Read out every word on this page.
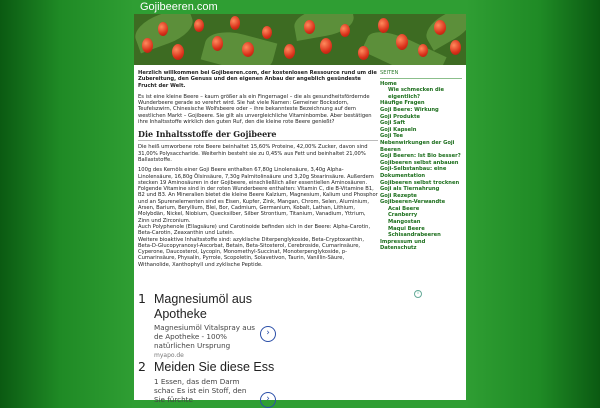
Gojibeeren.com

Herzlich willkommen bei Gojibeeren.com, der kostenlosen Ressource rund um die Zubereitung, den Genuss und den eigenen Anbau der angeblich gesündeste Frucht der Welt.

Es ist eine kleine Beere – kaum größer als ein Fingernagel – die als gesundheitsfördernde Wunderbeere gerade so verehrt wird. Sie hat viele Namen: Gemeiner Bocksdorn, Teufelszwirn, Chinesische Wolfsbeere oder – ihre bekannteste Bezeichnung auf dem westlichen Markt – Gojibeere. Sie gilt als unvergleichliche Vitaminbombe. Aber bestätigen ihre Inhaltsstoffe wirklich den guten Ruf, den die kleine rote Beere genießt?

Die Inhaltsstoffe der Gojibeere

Die heiß umworbene rote Beere beinhaltet 15,60% Proteine, 42,00% Zucker, davon sind 31,00% Polysaccharide. Weiterhin besteht sie zu 0,45% aus Fett und beinhaltet 21,00% Ballaststoffe.

100g des Kernöls einer Goji Beere enthalten 67,80g Linolensäure, 3,40g Alpha-Linolensäure, 16,80g Ölsinsäure, 7,30g Palmitolinsäure und 3,20g Stearinsäure. Außerdem stecken 19 Aminosäuren in der Gojibeere, einschließlich aller essentiellen Aminosäuren.

Folgende Vitamine sind in der roten Wunderbeere enthalten: Vitamin C, die B-Vitamine B1, B2 und B3. An Mineralien bietet die kleine Beere Kalzium, Magnesium, Kalium und Phosphor und an Spurenelementen sind es Eisen, Kupfer, Zink, Mangan, Chrom, Selen, Aluminium, Arsen, Barium, Beryllium, Blei, Bor, Cadmium, Germanium, Kobalt, Lathan, Lithium, Molybdän, Nickel, Niobium, Quecksilber, Silber Strontium, Titanium, Vanadium, Yttrium, Zinn und Zirconium.

Auch Polyphenole (Ellagsäure) und Carotinoide befinden sich in der Beere: Alpha-Carotin, Beta-Carotin, Zeaxanthin und Lutein.

Weitere bioaktive Inhaltsstoffe sind: azyklische Diterpenglykoside, Beta-Cryptoxanthin, Beta-D-Glucopyranosyl-Ascorbat, Betain, Beta-Sitosterol, Cerebroside, Cumarinsäure, Cyperone, Daucosterol, Lycopin, Monomethyl-Succinat, Monoterpenglykoside, p-Cumarinsäure, Physalin, Pyrrole, Scopoletin, Solavetivon, Taurin, Vanillin-Säure, Withanolide, Xanthophyll und zyklische Peptide.

SEITEN
Home
Wie schmecken die eigentlich?
Häufige Fragen
Goji Beere: Wirkung
Goji Produkte
Goji Saft
Goji Kapseln
Goji Tee
Nebenwirkungen der Goji Beeren
Goji Beeren: Ist Bio besser?
Gojibeeren selbst anbauen
Goji-Selbstanbau: eine Dokumentation
Gojibeeren selbst trocknen
Goji als Tiernahrung
Goji Rezepte
Gojibeeren-Verwandte
Acai Beere
Cranberry
Mangostan
Maqui Beere
Schisandrabeeren
Impressum und Datenschutz
i
1 Magnesiumöl aus Apotheke
Magnesiumöl Vitalspray aus de Apotheke - 100% natürlichen Ursprung
myapo.de
›
2 Meiden Sie diese Ess
1 Essen, das dem Darm schac Es ist ein Stoff, den Sie fürchte	›
